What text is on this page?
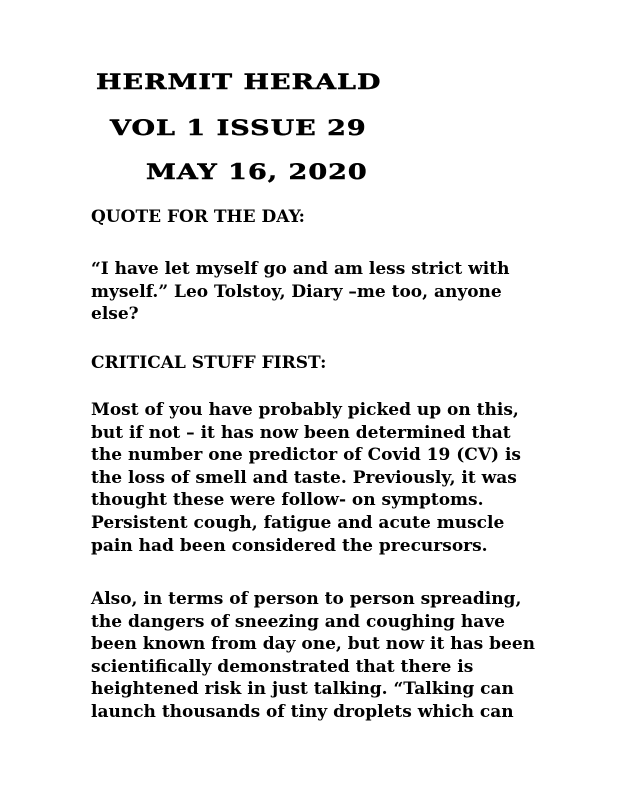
HERMIT HERALD
VOL 1 ISSUE 29
MAY 16, 2020

QUOTE FOR THE DAY:

“I have let myself go and am less strict with
myself.” Leo Tolstoy, Diary –me too, anyone
else?

CRITICAL STUFF FIRST:

Most of you have probably picked up on this,
but if not – it has now been determined that
the number one predictor of Covid 19 (CV) is
the loss of smell and taste. Previously, it was
thought these were follow- on symptoms.
Persistent cough, fatigue and acute muscle
pain had been considered the precursors.

Also, in terms of person to person spreading,
the dangers of sneezing and coughing have
been known from day one, but now it has been
scientifically demonstrated that there is
heightened risk in just talking. “Talking can
launch thousands of tiny droplets which can
